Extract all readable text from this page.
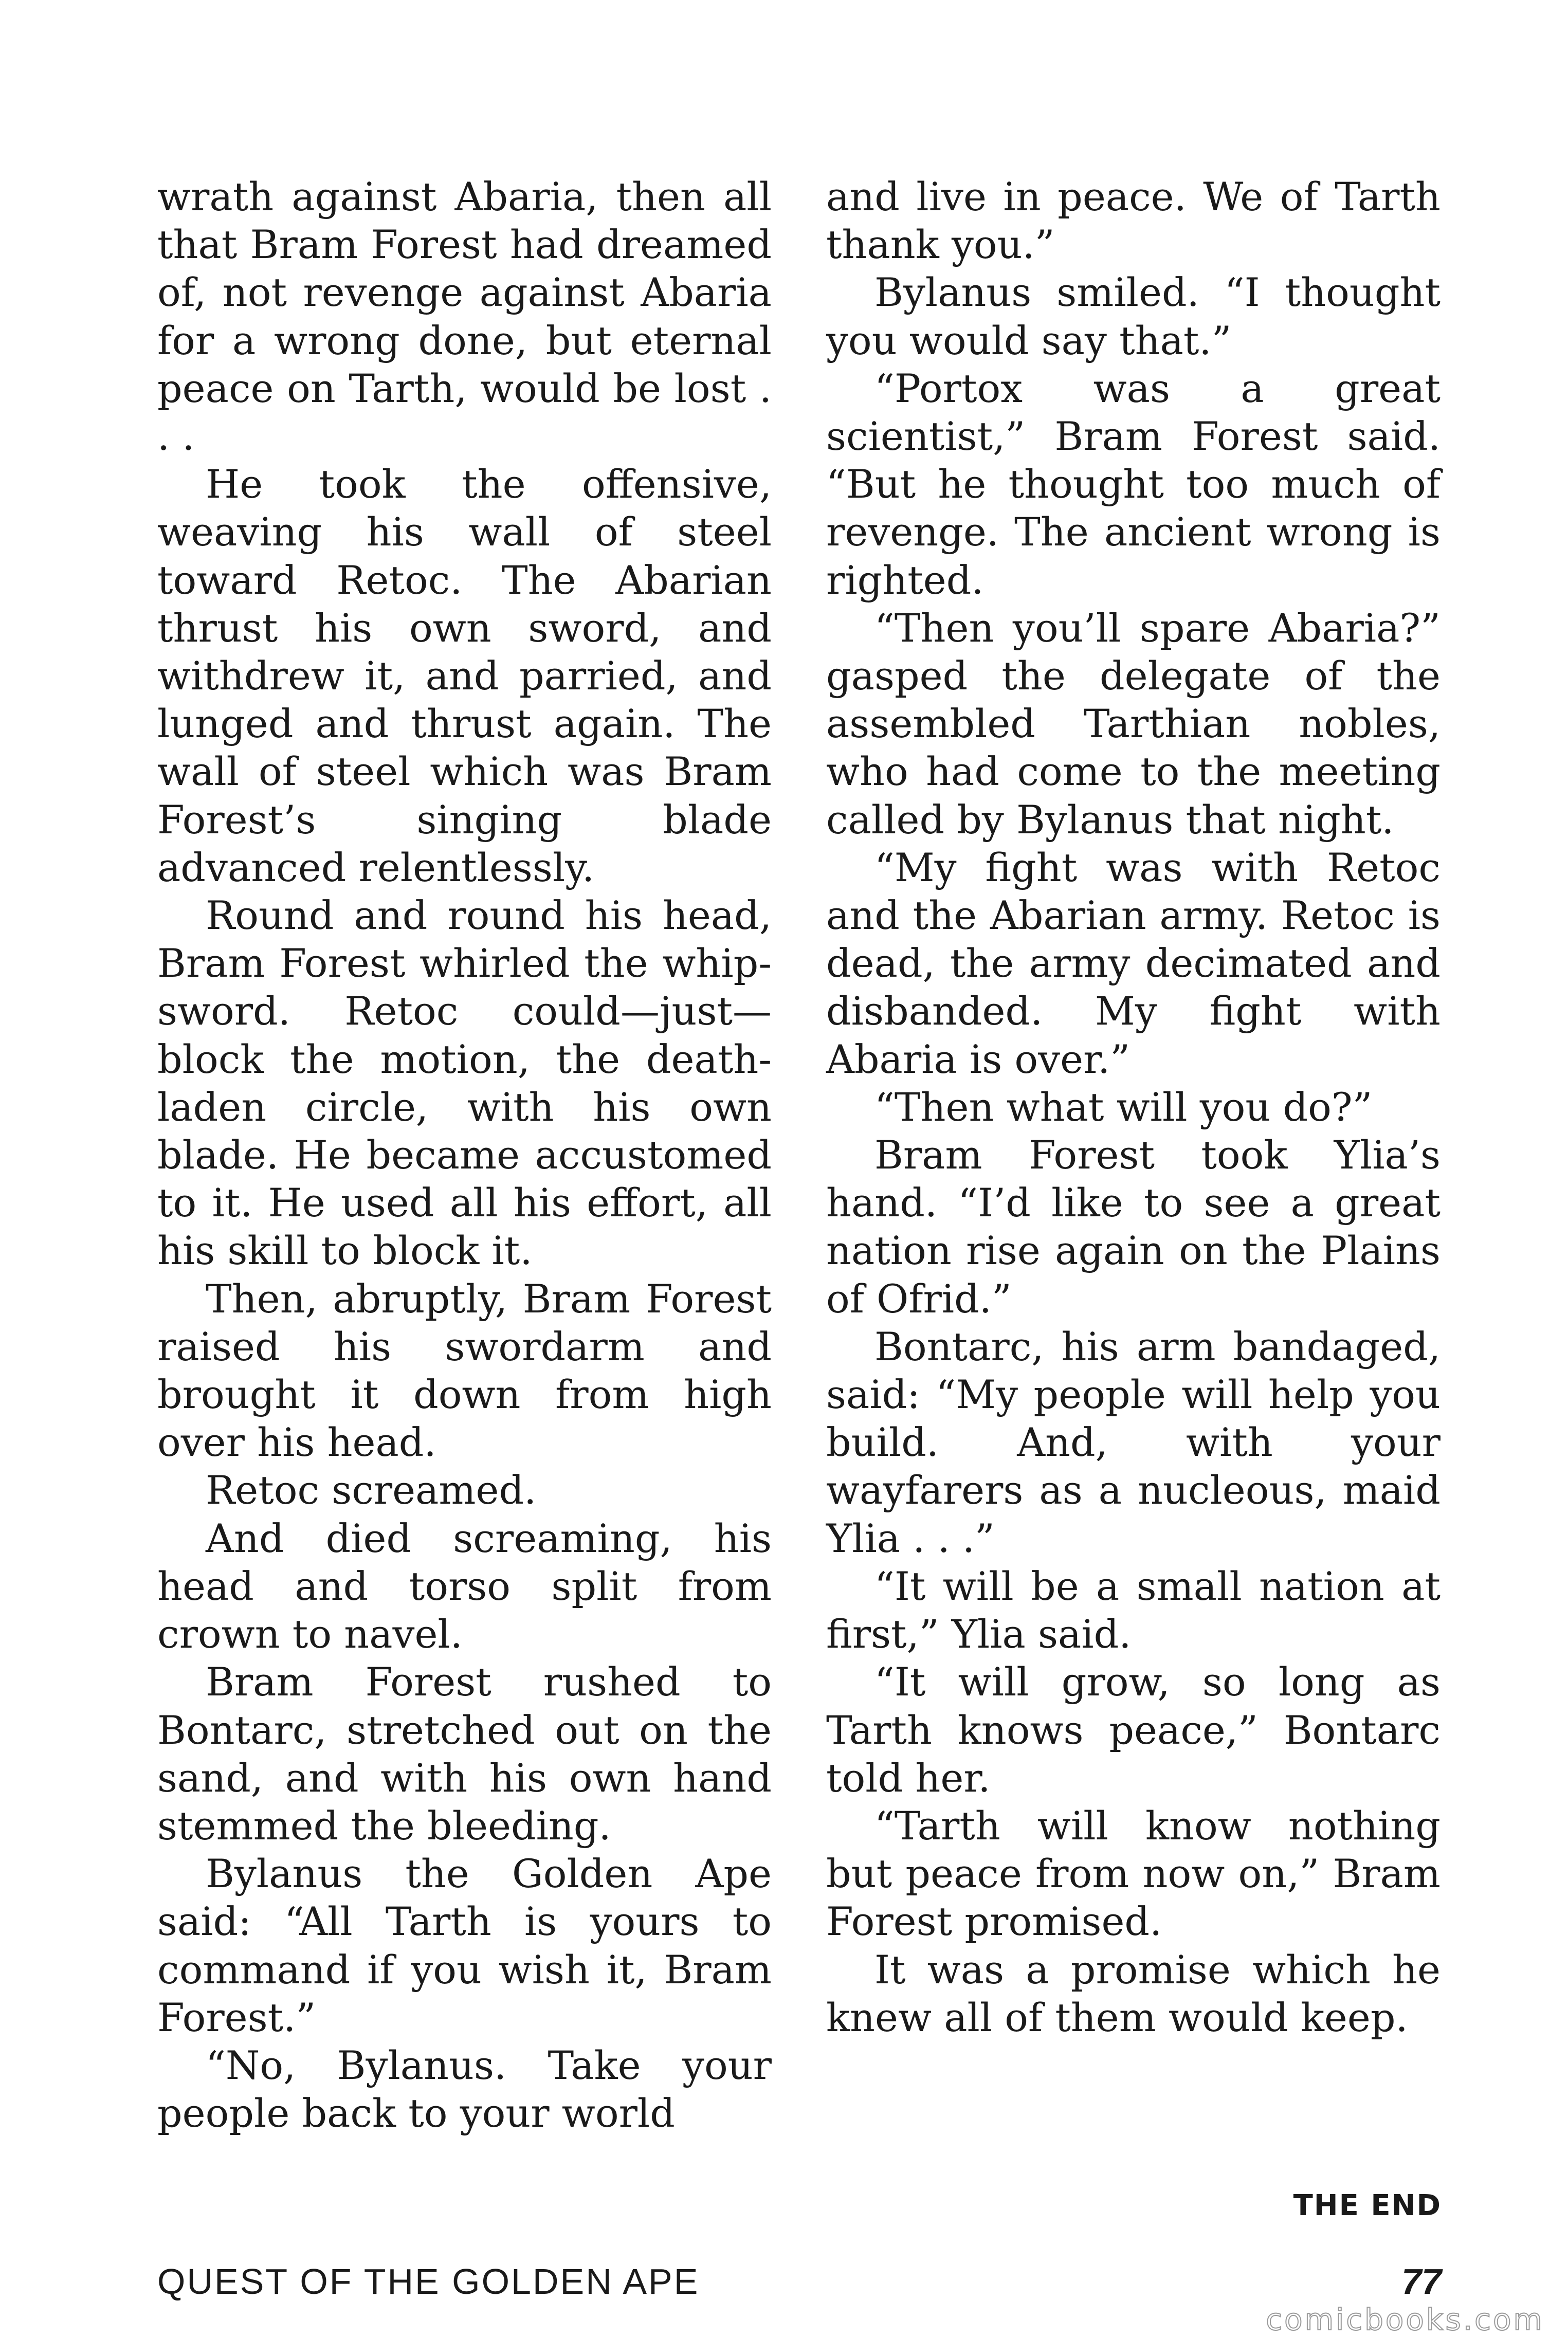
wrath against Abaria, then all that Bram Forest had dreamed of, not revenge against Abaria for a wrong done, but eternal peace on Tarth, would be lost . . .

He took the offensive, weaving his wall of steel toward Retoc. The Abarian thrust his own sword, and withdrew it, and parried, and lunged and thrust again. The wall of steel which was Bram Forest’s singing blade advanced relentlessly.

Round and round his head, Bram Forest whirled the whip-sword. Retoc could—just—block the motion, the death-laden circle, with his own blade. He became accustomed to it. He used all his effort, all his skill to block it.

Then, abruptly, Bram Forest raised his swordarm and brought it down from high over his head.

Retoc screamed.

And died screaming, his head and torso split from crown to navel.

Bram Forest rushed to Bontarc, stretched out on the sand, and with his own hand stemmed the bleeding.

Bylanus the Golden Ape said: “All Tarth is yours to command if you wish it, Bram Forest.”

“No, Bylanus. Take your people back to your world

and live in peace. We of Tarth thank you.”

Bylanus smiled. “I thought you would say that.”

“Portox was a great scientist,” Bram Forest said. “But he thought too much of revenge. The ancient wrong is righted.

“Then you’ll spare Abaria?” gasped the delegate of the assembled Tarthian nobles, who had come to the meeting called by Bylanus that night.

“My fight was with Retoc and the Abarian army. Retoc is dead, the army decimated and disbanded. My fight with Abaria is over.”

“Then what will you do?”

Bram Forest took Ylia’s hand. “I’d like to see a great nation rise again on the Plains of Ofrid.”

Bontarc, his arm bandaged, said: “My people will help you build. And, with your wayfarers as a nucleous, maid Ylia . . .”

“It will be a small nation at first,” Ylia said.

“It will grow, so long as Tarth knows peace,” Bontarc told her.

“Tarth will know nothing but peace from now on,” Bram Forest promised.

It was a promise which he knew all of them would keep.

THE END
QUEST OF THE GOLDEN APE	77
comicbooks.com
